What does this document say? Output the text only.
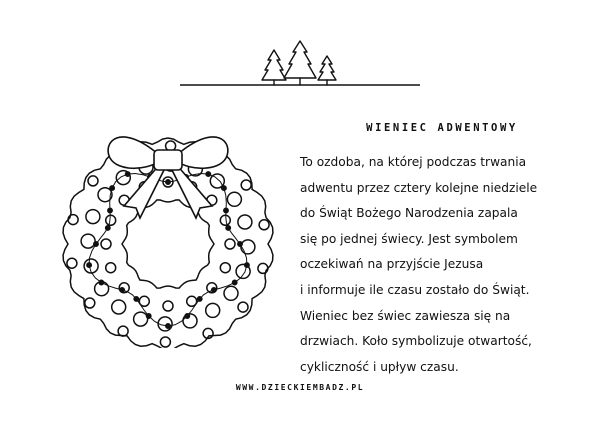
WIENIEC ADWENTOWY
To ozdoba, na której podczas trwania
adwentu przez cztery kolejne niedziele
do Świąt Bożego Narodzenia zapala
się po jednej świecy. Jest symbolem
oczekiwań na przyjście Jezusa
i informuje ile czasu zostało do Świąt.
Wieniec bez świec zawiesza się na
drzwiach. Koło symbolizuje otwartość,
cykliczność i upływ czasu.

WWW.DZIECKIEMBADZ.PL
